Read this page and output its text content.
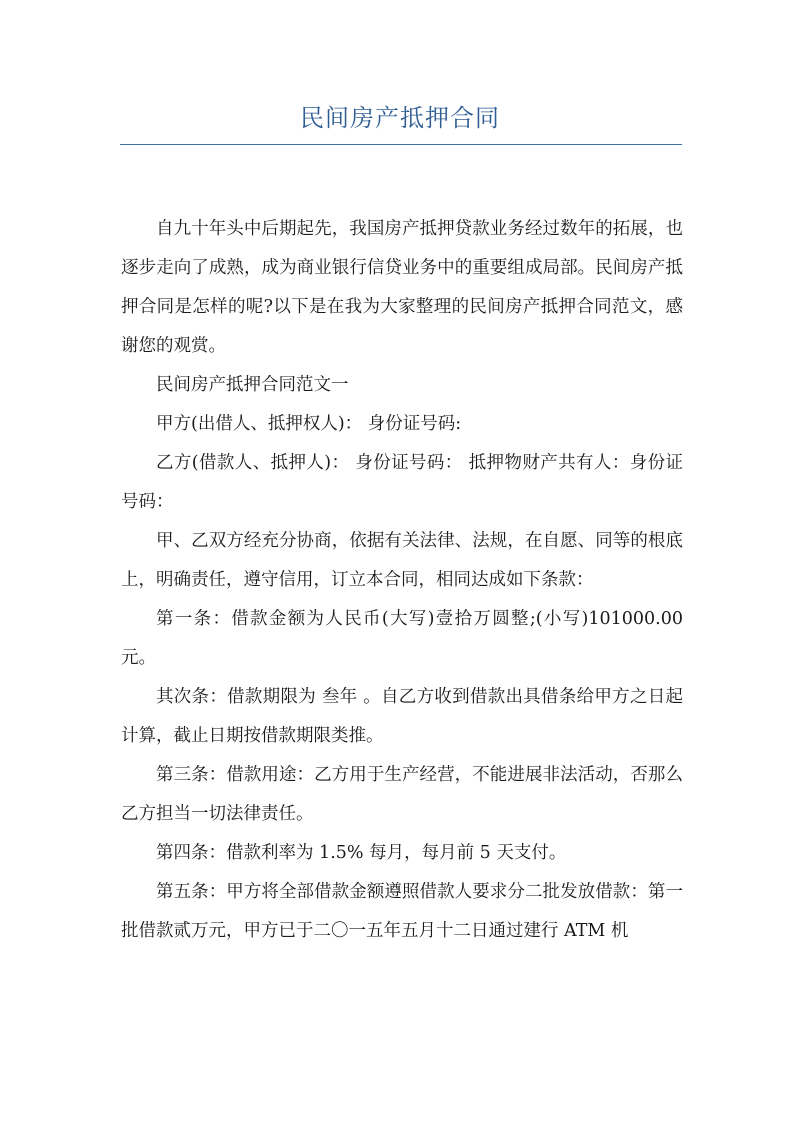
民间房产抵押合同

自九十年头中后期起先，我国房产抵押贷款业务经过数年的拓展，也逐步走向了成熟，成为商业银行信贷业务中的重要组成局部。民间房产抵押合同是怎样的呢?以下是在我为大家整理的民间房产抵押合同范文，感谢您的观赏。

民间房产抵押合同范文一

甲方(出借人、抵押权人)： 身份证号码:

乙方(借款人、抵押人)： 身份证号码： 抵押物财产共有人：身份证号码：

甲、乙双方经充分协商，依据有关法律、法规，在自愿、同等的根底上，明确责任，遵守信用，订立本合同，相同达成如下条款：

第一条：借款金额为人民币(大写)壹拾万圆整;(小写)101000.00元。

其次条：借款期限为 叁年 。自乙方收到借款出具借条给甲方之日起计算，截止日期按借款期限类推。

第三条：借款用途：乙方用于生产经营，不能进展非法活动，否那么乙方担当一切法律责任。

第四条：借款利率为 1.5% 每月，每月前 5 天支付。

第五条：甲方将全部借款金额遵照借款人要求分二批发放借款：第一批借款贰万元，甲方已于二〇一五年五月十二日通过建行 ATM 机
